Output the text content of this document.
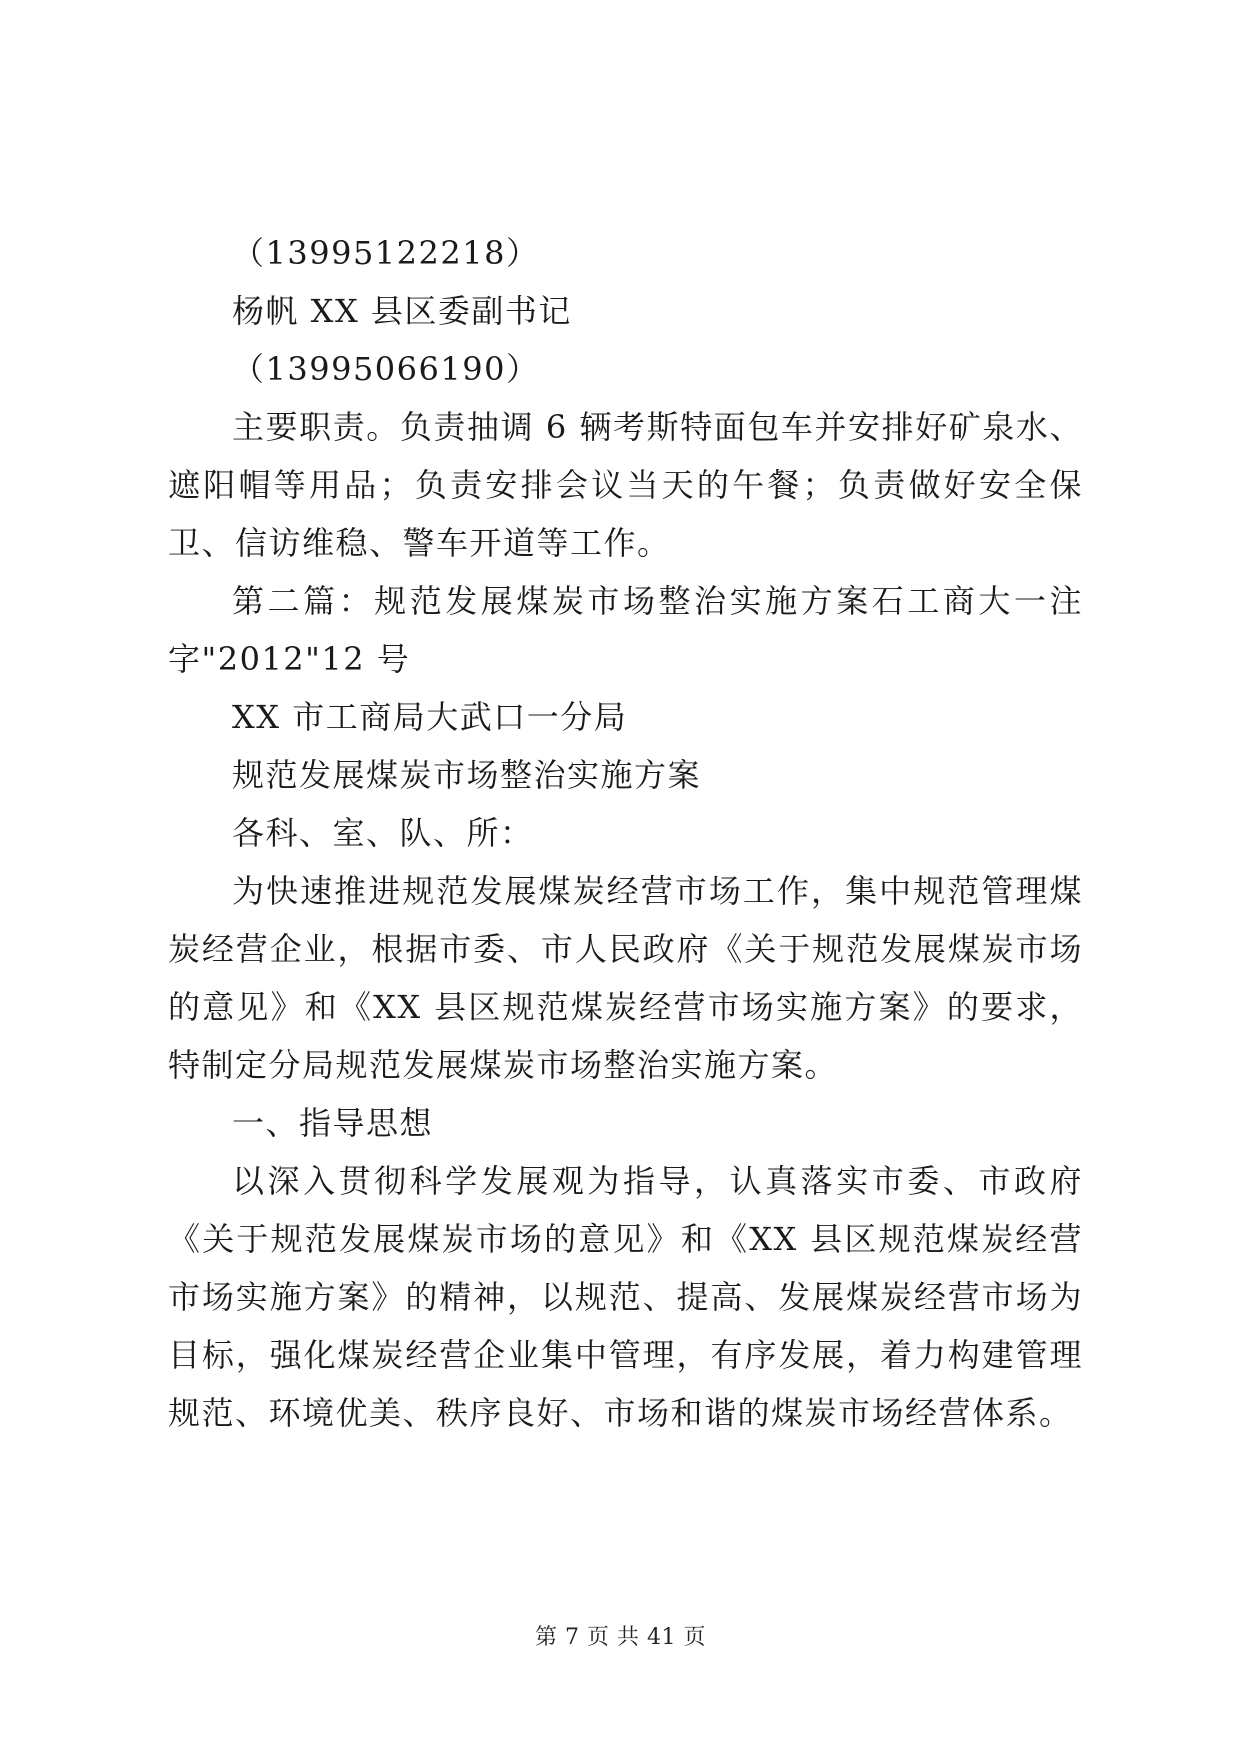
（13995122218）

杨帆 XX 县区委副书记

（13995066190）

主要职责。负责抽调 6 辆考斯特面包车并安排好矿泉水、遮阳帽等用品；负责安排会议当天的午餐；负责做好安全保卫、信访维稳、警车开道等工作。

第二篇：规范发展煤炭市场整治实施方案石工商大一注字"2012"12 号

XX 市工商局大武口一分局

规范发展煤炭市场整治实施方案

各科、室、队、所：

为快速推进规范发展煤炭经营市场工作，集中规范管理煤炭经营企业，根据市委、市人民政府《关于规范发展煤炭市场的意见》和《XX 县区规范煤炭经营市场实施方案》的要求，特制定分局规范发展煤炭市场整治实施方案。

一、指导思想

以深入贯彻科学发展观为指导，认真落实市委、市政府《关于规范发展煤炭市场的意见》和《XX 县区规范煤炭经营市场实施方案》的精神，以规范、提高、发展煤炭经营市场为目标，强化煤炭经营企业集中管理，有序发展，着力构建管理规范、环境优美、秩序良好、市场和谐的煤炭市场经营体系。

第 7 页 共 41 页
